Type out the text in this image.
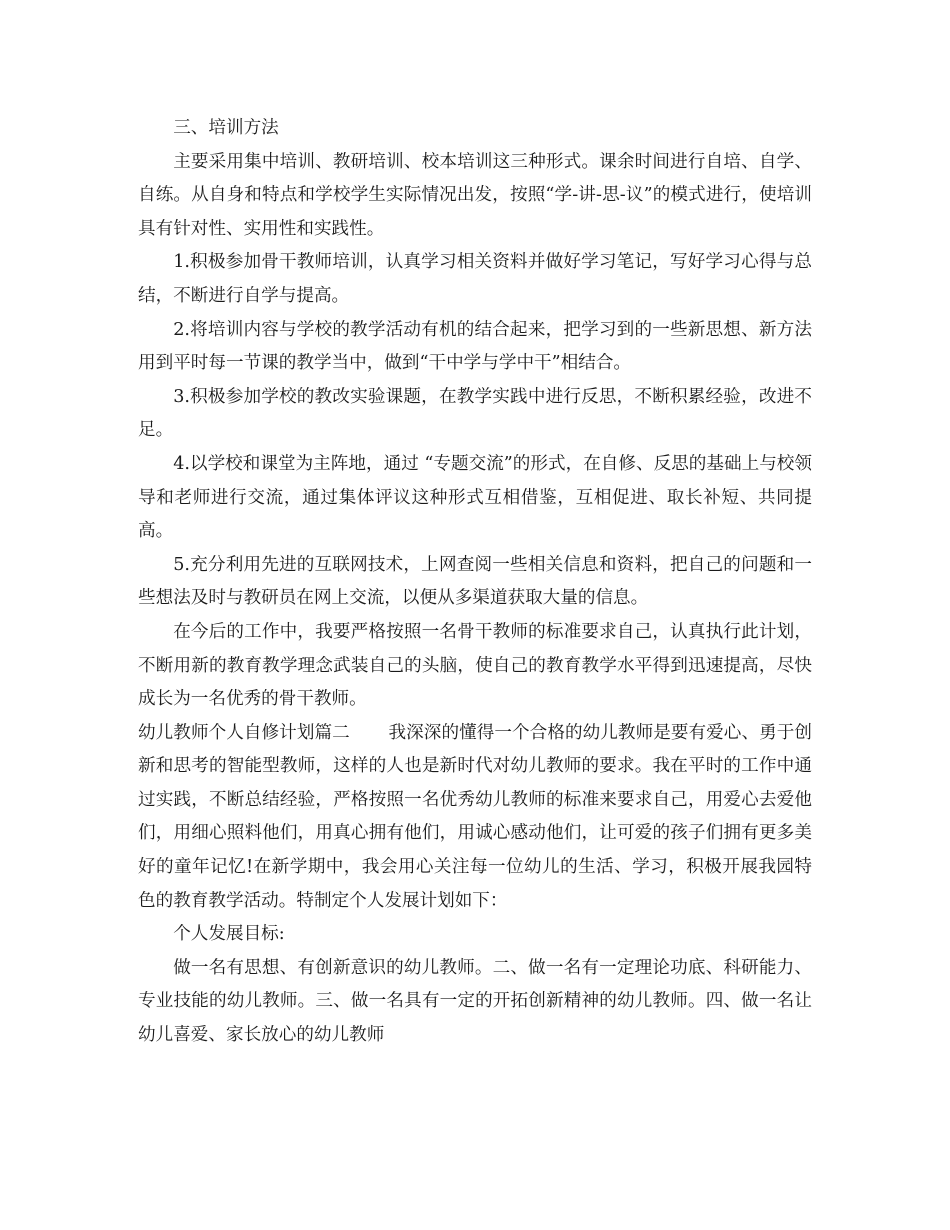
三、培训方法

主要采用集中培训、教研培训、校本培训这三种形式。课余时间进行自培、自学、自练。从自身和特点和学校学生实际情况出发，按照“学-讲-思-议”的模式进行，使培训具有针对性、实用性和实践性。

1.积极参加骨干教师培训，认真学习相关资料并做好学习笔记，写好学习心得与总结，不断进行自学与提高。

2.将培训内容与学校的教学活动有机的结合起来，把学习到的一些新思想、新方法用到平时每一节课的教学当中，做到“干中学与学中干”相结合。

3.积极参加学校的教改实验课题，在教学实践中进行反思，不断积累经验，改进不足。

4.以学校和课堂为主阵地，通过 “专题交流”的形式，在自修、反思的基础上与校领导和老师进行交流，通过集体评议这种形式互相借鉴，互相促进、取长补短、共同提高。

5.充分利用先进的互联网技术，上网查阅一些相关信息和资料，把自己的问题和一些想法及时与教研员在网上交流，以便从多渠道获取大量的信息。

在今后的工作中，我要严格按照一名骨干教师的标准要求自己，认真执行此计划，不断用新的教育教学理念武装自己的头脑，使自己的教育教学水平得到迅速提高，尽快成长为一名优秀的骨干教师。

幼儿教师个人自修计划篇二 我深深的懂得一个合格的幼儿教师是要有爱心、勇于创新和思考的智能型教师，这样的人也是新时代对幼儿教师的要求。我在平时的工作中通过实践，不断总结经验，严格按照一名优秀幼儿教师的标准来要求自己，用爱心去爱他们，用细心照料他们，用真心拥有他们，用诚心感动他们，让可爱的孩子们拥有更多美好的童年记忆!在新学期中，我会用心关注每一位幼儿的生活、学习，积极开展我园特色的教育教学活动。特制定个人发展计划如下：

个人发展目标:

做一名有思想、有创新意识的幼儿教师。二、做一名有一定理论功底、科研能力、专业技能的幼儿教师。三、做一名具有一定的开拓创新精神的幼儿教师。四、做一名让幼儿喜爱、家长放心的幼儿教师
